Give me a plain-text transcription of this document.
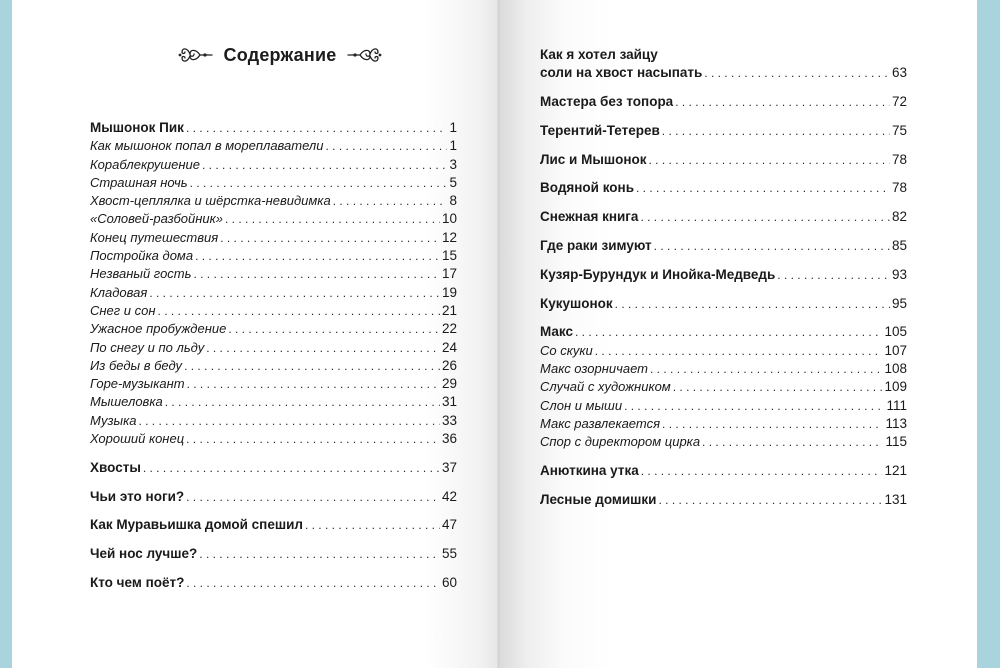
Содержание
Мышонок Пик . . .	1
Как мышонок попал в мореплаватели . . .	1
Кораблекрушение . . .	3
Страшная ночь . . .	5
Хвост-цеплялка и шёрстка-невидимка . . .	8
«Соловей-разбойник» . . .	10
Конец путешествия . . .	12
Постройка дома . . .	15
Незваный гость . . .	17
Кладовая . . .	19
Снег и сон . . .	21
Ужасное пробуждение . . .	22
По снегу и по льду . . .	24
Из беды в беду . . .	26
Горе-музыкант . . .	29
Мышеловка . . .	31
Музыка . . .	33
Хороший конец . . .	36
Хвосты . . .	37
Чьи это ноги? . . .	42
Как Муравьишка домой спешил . . .	47
Чей нос лучше? . . .	55
Кто чем поёт? . . .	60
Как я хотел зайцу
соли на хвост насыпать . . .	63
Мастера без топора . . .	72
Терентий-Тетерев . . .	75
Лис и Мышонок . . .	78
Водяной конь . . .	78
Снежная книга . . .	82
Где раки зимуют . . .	85
Кузяр-Бурундук и Инойка-Медведь . . .	93
Кукушонок . . .	95
Макс . . .	105
Со скуки . . .	107
Макс озорничает . . .	108
Случай с художником . . .	109
Слон и мыши . . .	111
Макс развлекается . . .	113
Спор с директором цирка . . .	115
Анюткина утка . . .	121
Лесные домишки . . .	131
